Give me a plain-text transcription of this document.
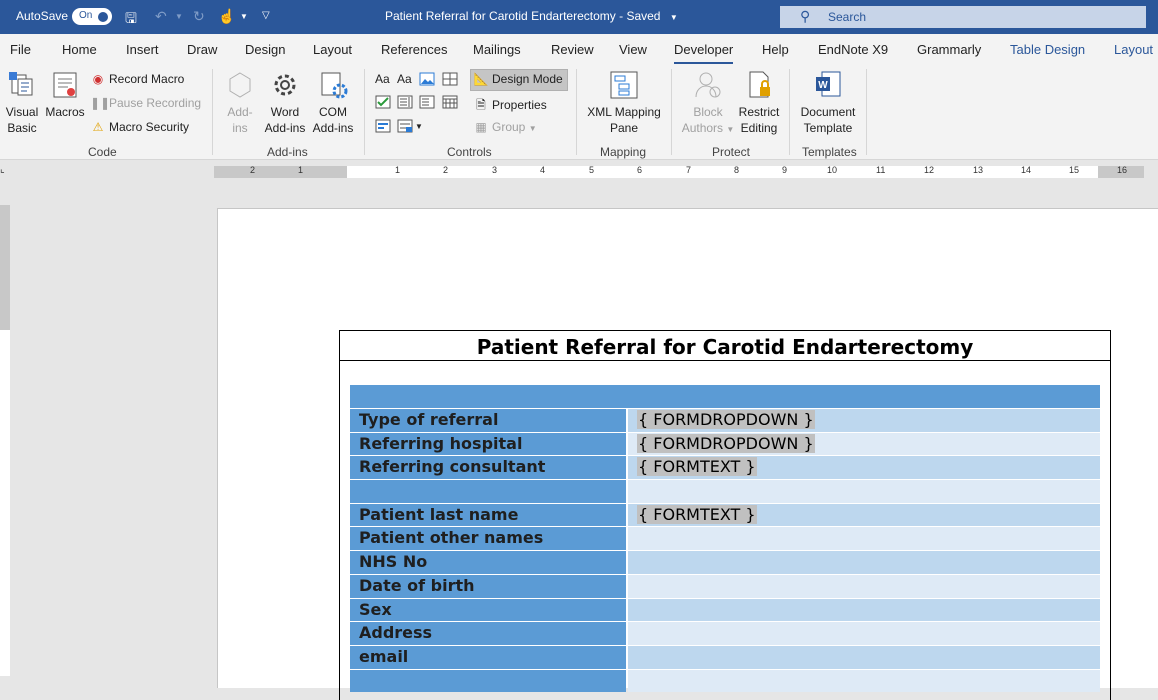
AutoSave On 🖫 ↶ ▼ ↻ ☝ ▼ ▽	Patient Referral for Carotid Endarterectomy - Saved ▼	⚲ Search
File Home Insert Draw Design Layout References Mailings Review View Developer Help EndNote X9 Grammarly Table Design Layout
Visual
Basic
Macros
◉ Record Macro
❚❚Pause Recording
⚠ Macro Security
Code
Add-
ins
Word
Add-ins
COM
Add-ins
Add-ins
Aa Aa
▼
📐 Design Mode
🗎 Properties
▦ Group ▼
Controls
XML Mapping
Pane
Mapping
Block
Authors ▼
Restrict
Editing
Protect
W
Document
Template
Templates
⌞	2	1	1	2	3	4	5	6	7	8	9	10	11	12	13	14	15	16
Patient Referral for Carotid Endarterectomy
Type of referral	{ FORMDROPDOWN }
Referring hospital	{ FORMDROPDOWN }
Referring consultant	{ FORMTEXT }
Patient last name	{ FORMTEXT }
Patient other names
NHS No
Date of birth
Sex
Address
email
